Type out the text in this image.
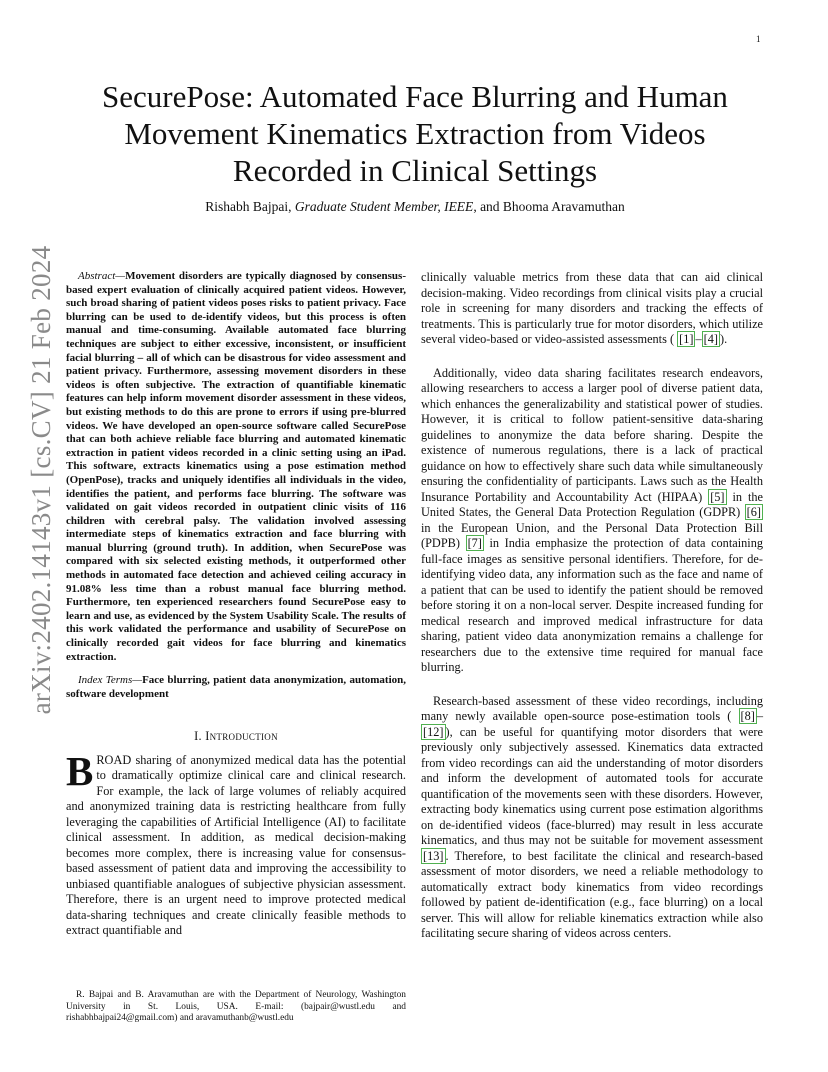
1
arXiv:2402.14143v1 [cs.CV] 21 Feb 2024
SecurePose: Automated Face Blurring and Human Movement Kinematics Extraction from Videos Recorded in Clinical Settings
Rishabh Bajpai, Graduate Student Member, IEEE, and Bhooma Aravamuthan

Abstract—Movement disorders are typically diagnosed by consensus-based expert evaluation of clinically acquired patient videos. However, such broad sharing of patient videos poses risks to patient privacy. Face blurring can be used to de-identify videos, but this process is often manual and time-consuming. Available automated face blurring techniques are subject to either excessive, inconsistent, or insufficient facial blurring – all of which can be disastrous for video assessment and patient privacy. Furthermore, assessing movement disorders in these videos is often subjective. The extraction of quantifiable kinematic features can help inform movement disorder assessment in these videos, but existing methods to do this are prone to errors if using pre-blurred videos. We have developed an open-source software called SecurePose that can both achieve reliable face blurring and automated kinematic extraction in patient videos recorded in a clinic setting using an iPad. This software, extracts kinematics using a pose estimation method (OpenPose), tracks and uniquely identifies all individuals in the video, identifies the patient, and performs face blurring. The software was validated on gait videos recorded in outpatient clinic visits of 116 children with cerebral palsy. The validation involved assessing intermediate steps of kinematics extraction and face blurring with manual blurring (ground truth). In addition, when SecurePose was compared with six selected existing methods, it outperformed other methods in automated face detection and achieved ceiling accuracy in 91.08% less time than a robust manual face blurring method. Furthermore, ten experienced researchers found SecurePose easy to learn and use, as evidenced by the System Usability Scale. The results of this work validated the performance and usability of SecurePose on clinically recorded gait videos for face blurring and kinematics extraction.

Index Terms—Face blurring, patient data anonymization, automation, software development

I. Introduction

BROAD sharing of anonymized medical data has the potential to dramatically optimize clinical care and clinical research. For example, the lack of large volumes of reliably acquired and anonymized training data is restricting healthcare from fully leveraging the capabilities of Artificial Intelligence (AI) to facilitate clinical assessment. In addition, as medical decision-making becomes more complex, there is increasing value for consensus-based assessment of patient data and improving the accessibility to unbiased quantifiable analogues of subjective physician assessment. Therefore, there is an urgent need to improve protected medical data-sharing techniques and create clinically feasible methods to extract quantifiable and

R. Bajpai and B. Aravamuthan are with the Department of Neurology, Washington University in St. Louis, USA. E-mail: (bajpair@wustl.edu and rishabhbajpai24@gmail.com) and aravamuthanb@wustl.edu

clinically valuable metrics from these data that can aid clinical decision-making. Video recordings from clinical visits play a crucial role in screening for many disorders and tracking the effects of treatments. This is particularly true for motor disorders, which utilize several video-based or video-assisted assessments ( [1] – [4] ).

Additionally, video data sharing facilitates research endeavors, allowing researchers to access a larger pool of diverse patient data, which enhances the generalizability and statistical power of studies. However, it is critical to follow patient-sensitive data-sharing guidelines to anonymize the data before sharing. Despite the existence of numerous regulations, there is a lack of practical guidance on how to effectively share such data while simultaneously ensuring the confidentiality of participants. Laws such as the Health Insurance Portability and Accountability Act (HIPAA) [5] in the United States, the General Data Protection Regulation (GDPR) [6] in the European Union, and the Personal Data Protection Bill (PDPB) [7] in India emphasize the protection of data containing full-face images as sensitive personal identifiers. Therefore, for de-identifying video data, any information such as the face and name of a patient that can be used to identify the patient should be removed before storing it on a non-local server. Despite increased funding for medical research and improved medical infrastructure for data sharing, patient video data anonymization remains a challenge for researchers due to the extensive time required for manual face blurring.

Research-based assessment of these video recordings, including many newly available open-source pose-estimation tools ( [8] –[12] ), can be useful for quantifying motor disorders that were previously only subjectively assessed. Kinematics data extracted from video recordings can aid the understanding of motor disorders and inform the development of automated tools for accurate quantification of the movements seen with these disorders. However, extracting body kinematics using current pose estimation algorithms on de-identified videos (face-blurred) may result in less accurate kinematics, and thus may not be suitable for movement assessment [13] . Therefore, to best facilitate the clinical and research-based assessment of motor disorders, we need a reliable methodology to automatically extract body kinematics from video recordings followed by patient de-identification (e.g., face blurring) on a local server. This will allow for reliable kinematics extraction while also facilitating secure sharing of videos across centers.
